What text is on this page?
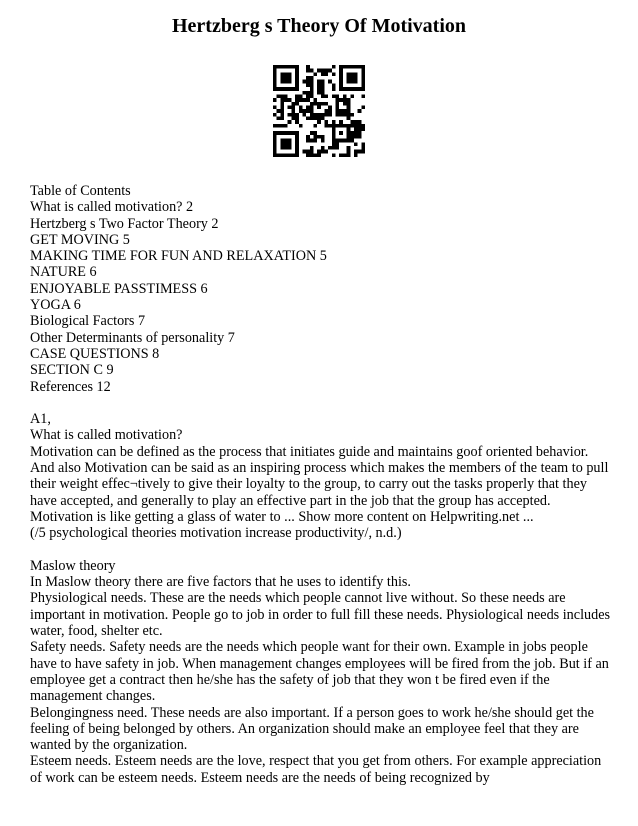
Hertzberg s Theory Of Motivation
Table of Contents
What is called motivation? 2
Hertzberg s Two Factor Theory 2
GET MOVING 5
MAKING TIME FOR FUN AND RELAXATION 5
NATURE 6
ENJOYABLE PASSTIMESS 6
YOGA 6
Biological Factors 7
Other Determinants of personality 7
CASE QUESTIONS 8
SECTION C 9
References 12
A1,
What is called motivation?
Motivation can be defined as the process that initiates guide and maintains goof oriented behavior.
And also Motivation can be said as an inspiring process which makes the members of the team to pull
their weight effec¬tively to give their loyalty to the group, to carry out the tasks properly that they
have accepted, and generally to play an effective part in the job that the group has accepted.
Motivation is like getting a glass of water to ... Show more content on Helpwriting.net ...
(/5 psychological theories motivation increase productivity/, n.d.)
Maslow theory
In Maslow theory there are five factors that he uses to identify this.
Physiological needs. These are the needs which people cannot live without. So these needs are
important in motivation. People go to job in order to full fill these needs. Physiological needs includes
water, food, shelter etc.
Safety needs. Safety needs are the needs which people want for their own. Example in jobs people
have to have safety in job. When management changes employees will be fired from the job. But if an
employee get a contract then he/she has the safety of job that they won t be fired even if the
management changes.
Belongingness need. These needs are also important. If a person goes to work he/she should get the
feeling of being belonged by others. An organization should make an employee feel that they are
wanted by the organization.
Esteem needs. Esteem needs are the love, respect that you get from others. For example appreciation
of work can be esteem needs. Esteem needs are the needs of being recognized by
